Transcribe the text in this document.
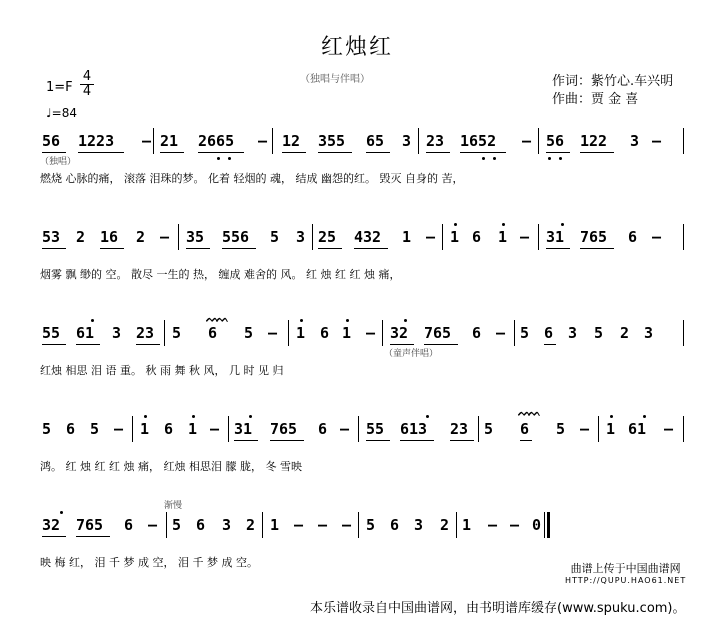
红烛红
（独唱与伴唱）	作词：紫竹心.车兴明
作曲：贾 金 喜
1=F
4
4
♩=84
56 1223 – 21 2665 – 12 355 65 3 23 1652 – 56 122 3 –
（独唱）
燃烧 心脉的痛， 滚落 泪珠的梦。 化着 轻烟的 魂， 结成 幽怨的红。 毁灭 自身的 苦，
53 2 16 2 – 35 556 5 3 25 432 1 – 1 6 1 – 31 765 6 –
烟雾 飘 缈的 空。 散尽 一生的 热， 缠成 难舍的 风。 红 烛 红 红 烛 痛，
55 61 3 23 5 6 5 – 1 6 1 – 32 765 6 – 5 6 3 5 2 3
ᨓᨓ
（童声伴唱）
红烛 相思 泪 语 重。 秋 雨 舞 秋 风， 几 时 见 归
5 6 5 – 1 6 1 – 31 765 6 – 55 613 23 5 6 5 – 1 61 –
ᨓᨓ
鸿。 红 烛 红 红 烛 痛， 红烛 相思泪 朦 胧， 冬 雪映
32 765 6 – 5 6 3 2 1 – – – 5 6 3 2 1 – – 0
渐慢
映 梅 红， 泪 千 梦 成 空， 泪 千 梦 成 空。	曲谱上传于中国曲谱网
HTTP://QUPU.HAO61.NET
本乐谱收录自中国曲谱网，由书明谱库缓存(www.spuku.com)。
